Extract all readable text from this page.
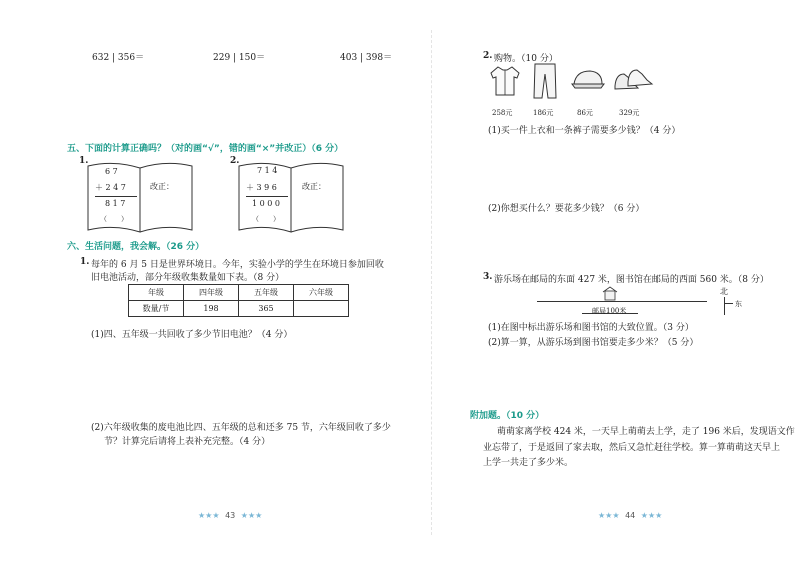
632 | 356＝	229 | 150＝	403 | 398＝
五、下面的计算正确吗？（对的画“√”，错的画“×”并改正）（6 分）
1.
6 7
＋ 2 4 7
8 1 7
（　　）
改正：
2.
7 1 4
＋ 3 9 6
1 0 0 0
（　　）
改正：
六、生活问题，我会解。（26 分）
1. 每年的 6 月 5 日是世界环境日。今年，实验小学的学生在环境日参加回收
旧电池活动，部分年级收集数量如下表。（8 分）
年级	四年级	五年级	六年级
数量/节	198	365	
(1)四、五年级一共回收了多少节旧电池？（4 分）
(2)六年级收集的废电池比四、五年级的总和还多 75 节，六年级回收了多少
节？计算完后请将上表补充完整。（4 分）
★★★ 43 ★★★
2. 购物。（10 分）
258元	186元	86元	329元
(1)买一件上衣和一条裤子需要多少钱？（4 分）
(2)你想买什么？要花多少钱？（6 分）
3. 游乐场在邮局的东面 427 米，图书馆在邮局的西面 560 米。（8 分）
邮局100米
北
东
(1)在图中标出游乐场和图书馆的大致位置。（3 分）
(2)算一算，从游乐场到图书馆要走多少米？（5 分）
附加题。（10 分）
萌萌家离学校 424 米，一天早上萌萌去上学，走了 196 米后，发现语文作
业忘带了，于是返回了家去取，然后又急忙赶往学校。算一算萌萌这天早上
上学一共走了多少米。
★★★ 44 ★★★
